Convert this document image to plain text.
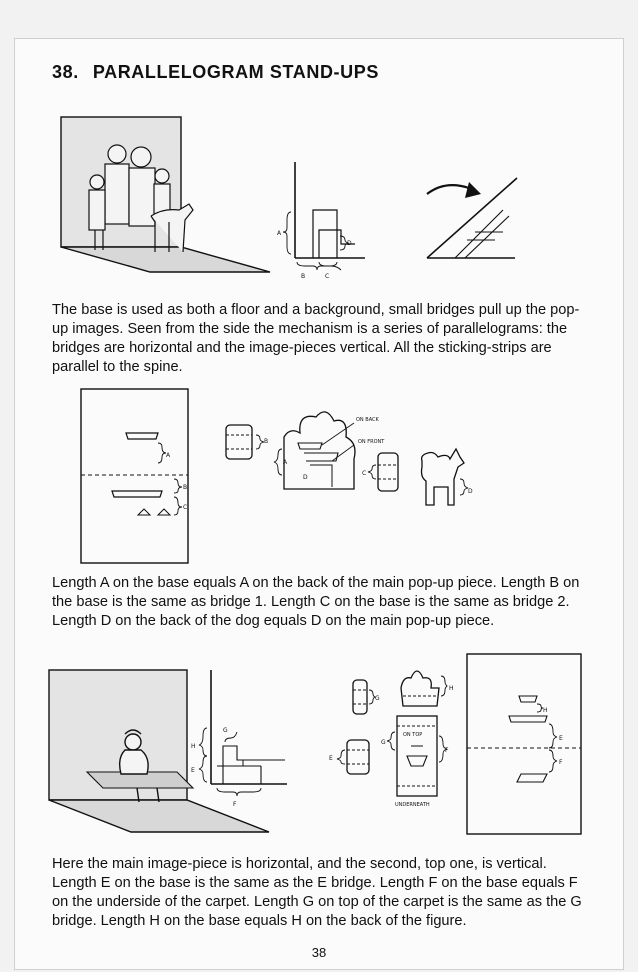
38. PARALLELOGRAM STAND-UPS
A
D
B	C

The base is used as both a floor and a background, small bridges pull up the pop-up images. Seen from the side the mechanism is a series of parallelograms: the bridges are horizontal and the image-pieces vertical. All the sticking-strips are parallel to the spine.

A
B
C
B
A
D
ON BACK
ON FRONT
C
D

Length A on the base equals A on the back of the main pop-up piece. Length B on the base is the same as bridge 1. Length C on the base is the same as bridge 2. Length D on the back of the dog equals D on the main pop-up piece.

G
H
E
F
G
E
H
F
G
ON TOP
UNDERNEATH
H
E
F

Here the main image-piece is horizontal, and the second, top one, is vertical. Length E on the base is the same as the E bridge. Length F on the base equals F on the underside of the carpet. Length G on top of the carpet is the same as the G bridge. Length H on the base equals H on the back of the figure.

38
